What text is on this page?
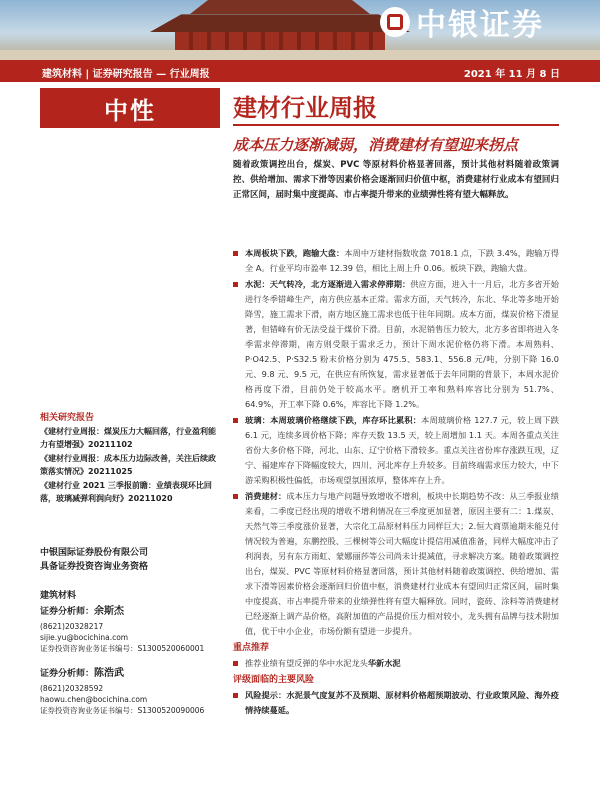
中银证券
建筑材料 | 证券研究报告 — 行业周报	2021 年 11 月 8 日
中性	建材行业周报
成本压力逐渐减弱，消费建材有望迎来拐点
随着政策调控出台，煤炭、PVC 等原材料价格显著回落，预计其他材料随着政策调控、供给增加、需求下滑等因素价格会逐渐回归价值中枢，消费建材行业成本有望回归正常区间，届时集中度提高、市占率提升带来的业绩弹性将有望大幅释放。
本周板块下跌，跑输大盘：本周中万建材指数收盘 7018.1 点，下跌 3.4%，跑输万得全 A。行业平均市盈率 12.39 倍，相比上周上升 0.06。板块下跌，跑输大盘。
水泥：天气转冷，北方逐渐进入需求停滞期：供应方面，进入十一月后，北方多省开始进行冬季错峰生产，南方供应基本正常。需求方面，天气转冷，东北、华北等多地开始降雪，施工需求下滑，南方地区施工需求也低于往年同期。成本方面，煤炭价格下滑显著，但错峰有价无法受益于煤价下滑。目前，水泥销售压力较大，北方多省即将进入冬季需求停滞期，南方则受限于需求乏力，预计下周水泥价格仍将下滑。本周熟料、P·O42.5、P·S32.5 粉末价格分别为 475.5、583.1、556.8 元/吨，分别下降 16.0 元、9.8 元、9.5 元，在供应有所恢复，需求显著低于去年同期的背景下，本周水泥价格再度下滑，目前仍处于较高水平。磨机开工率和熟料库容比分别为 51.7%、64.9%，开工率下降 0.6%，库容比下降 1.2%。
玻璃：本周玻璃价格继续下跌，库存环比累积：本周玻璃价格 127.7 元，较上周下跌 6.1 元，连续多周价格下降；库存天数 13.5 天，较上周增加 1.1 天。本周各重点关注省份大多价格下降，河北、山东、辽宁价格下滑较多。重点关注省份库存涨跌互现，辽宁、福建库存下降幅度较大，四川、河北库存上升较多。目前终端需求压力较大，中下游采购积极性偏低，市场观望氛围浓厚，整体库存上升。
消费建材：成本压力与地产问题导致增收不增利，板块中长期趋势不改：从三季报业绩来看，二季度已经出现的增收不增利情况在三季度更加显著，原因主要有二：1.煤炭、天然气等三季度涨价显著，大宗化工品原材料压力同样巨大；2.恒大商票逾期未能兑付情况较为普遍，东鹏控股、三棵树等公司大幅度计提信用减值准备，同样大幅度冲击了利润表，另有东方雨虹、蒙娜丽莎等公司尚未计提减值，寻求解决方案。随着政策调控出台，煤炭、PVC 等原材料价格显著回落，预计其他材料随着政策调控、供给增加、需求下滑等因素价格会逐渐回归价值中枢，消费建材行业成本有望回归正常区间，届时集中度提高、市占率提升带来的业绩弹性将有望大幅释放。同时，瓷砖、涂料等消费建材已经逐渐上调产品价格，高附加值的产品提价压力相对较小，龙头拥有品牌与技术附加值，优于中小企业，市场份额有望进一步提升。
重点推荐
推荐业绩有望反弹的华中水泥龙头华新水泥
评级面临的主要风险
风险提示：水泥景气度复苏不及预期、原材料价格超预期波动、行业政策风险、海外疫情持续蔓延。
相关研究报告
《建材行业周报：煤炭压力大幅回落，行业盈利能力有望增强》20211102
《建材行业周报：成本压力边际改善，关注后续政策落实情况》20211025
《建材行业 2021 三季报前瞻：业绩表现环比回落，玻璃减弹利润向好》20211020
中银国际证券股份有限公司
具备证券投资咨询业务资格
建筑材料
证券分析师：余斯杰
(8621)20328217
sijie.yu@bocichina.com
证券投资咨询业务证书编号：S1300520060001
证券分析师：陈浩武
(8621)20328592
haowu.chen@bocichina.com
证券投资咨询业务证书编号：S1300520090006
